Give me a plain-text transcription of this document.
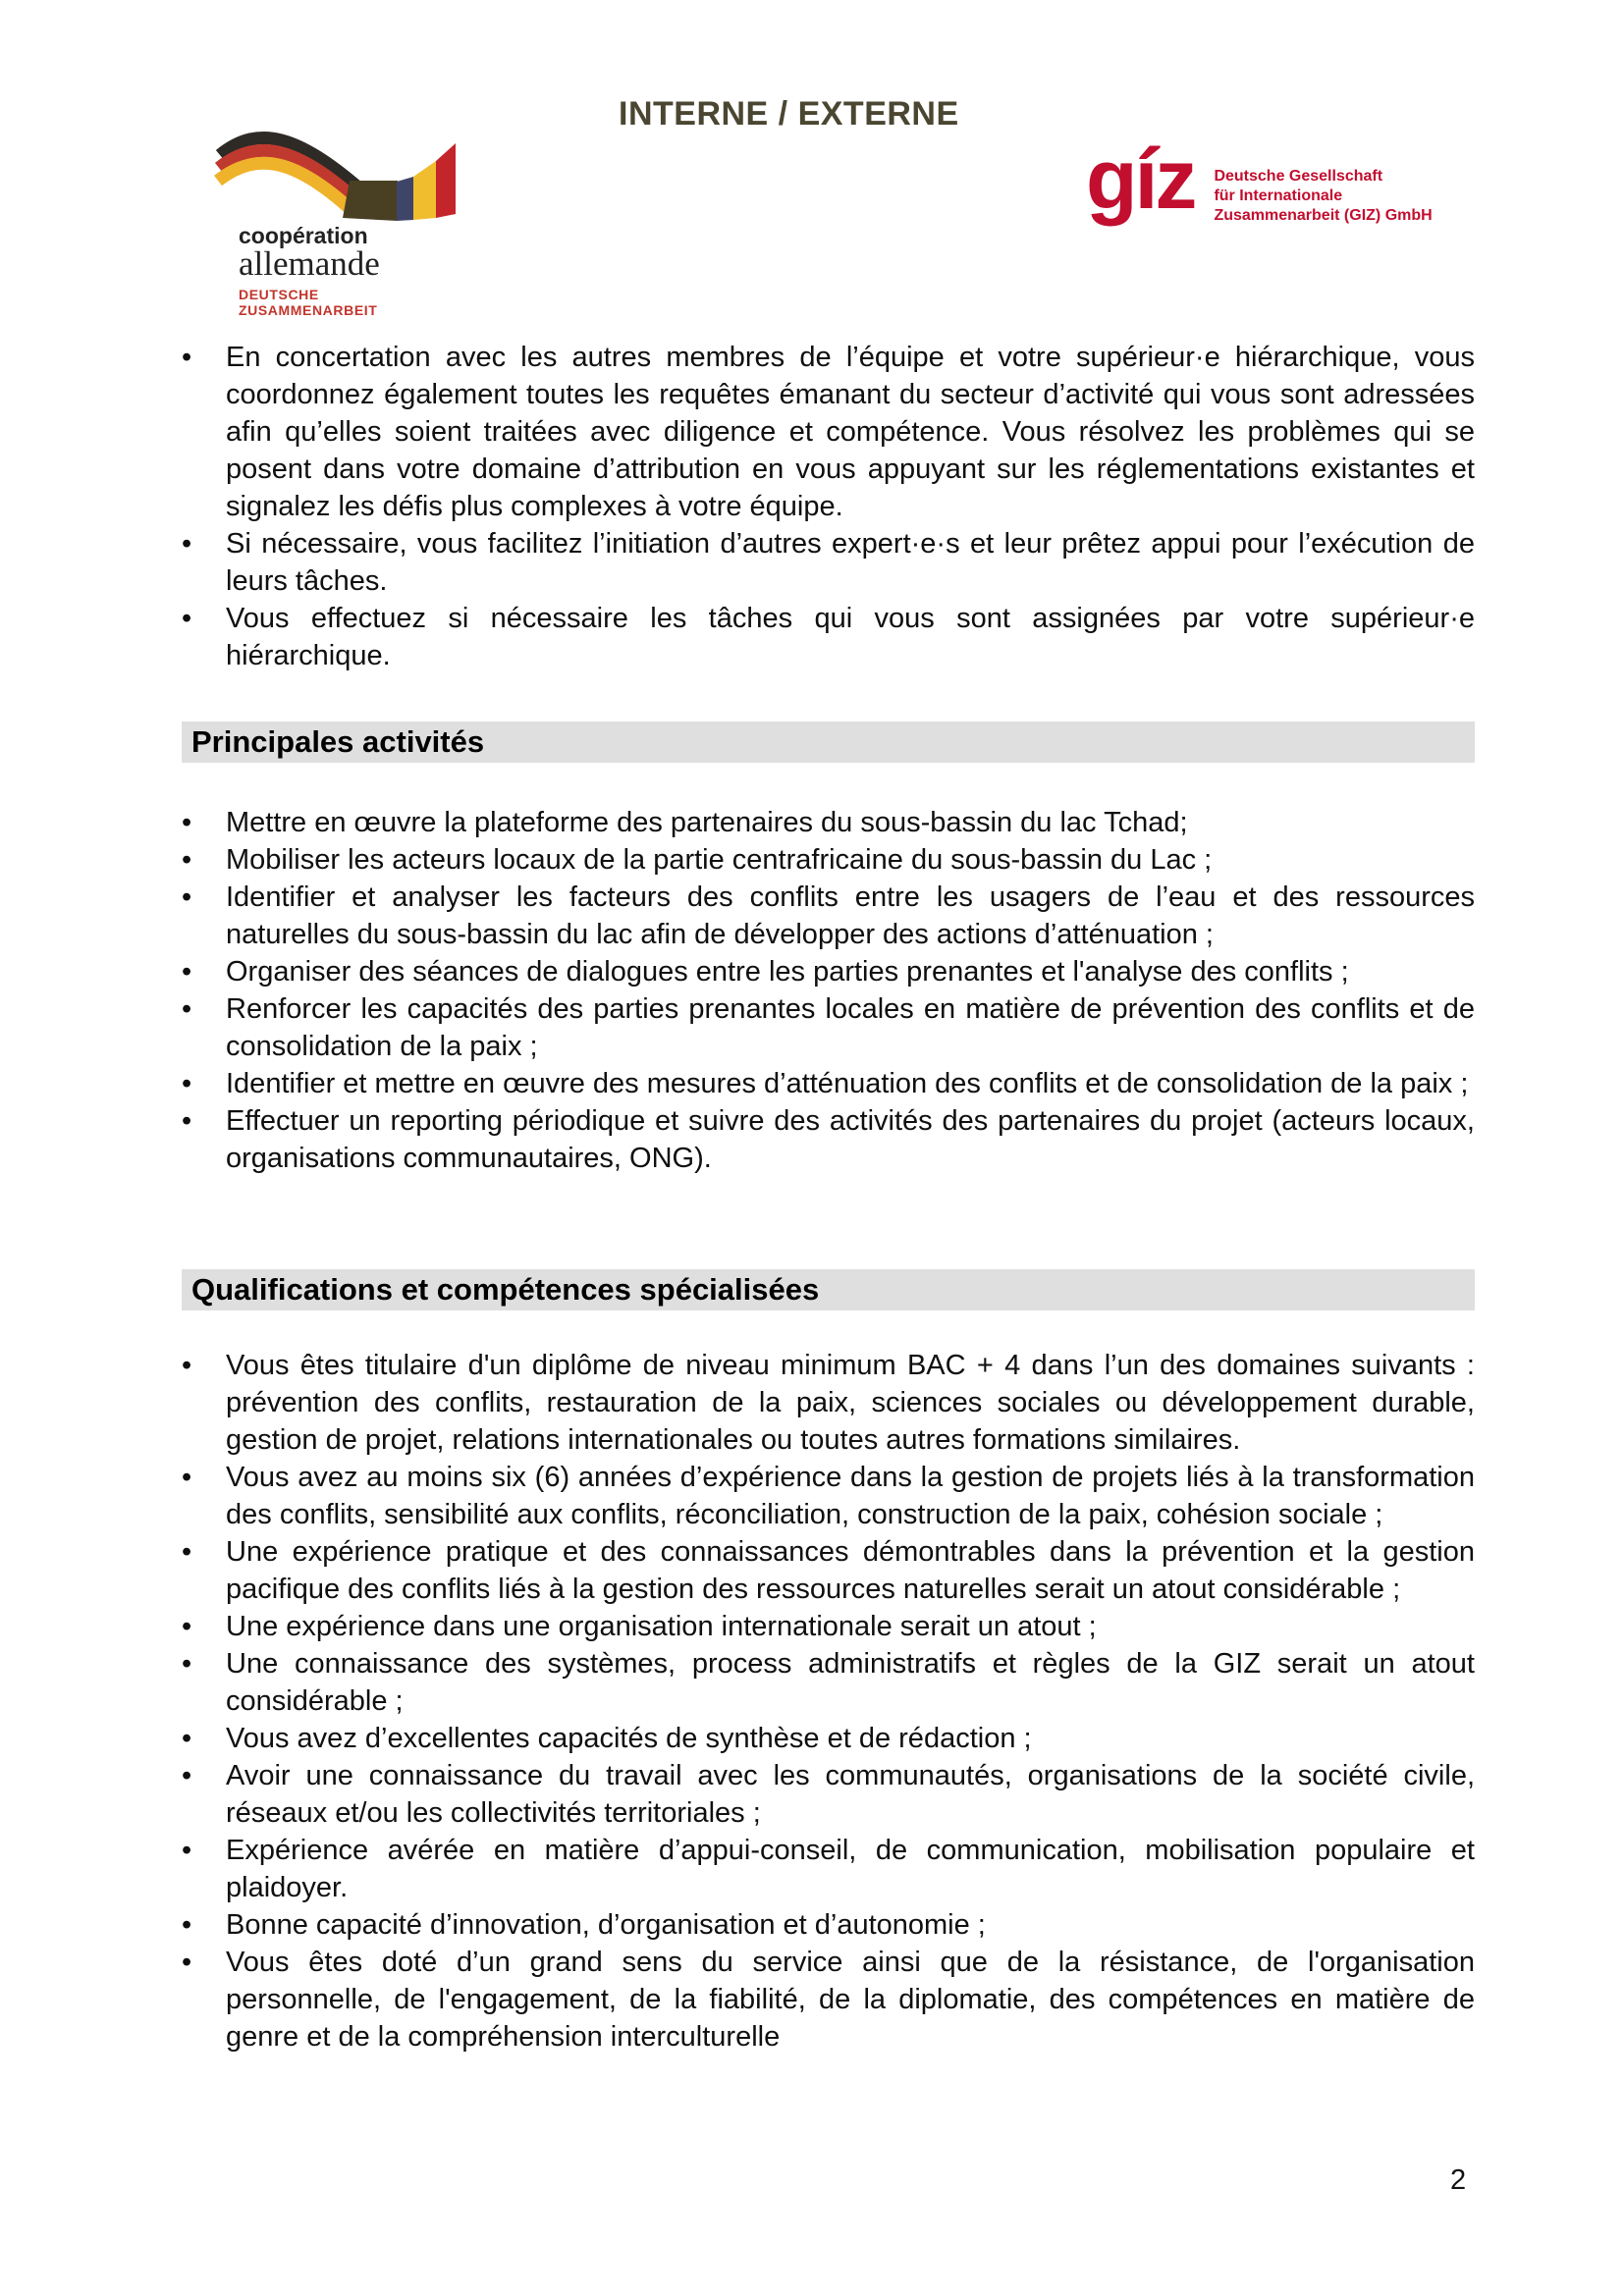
INTERNE / EXTERNE
coopération
allemande
DEUTSCHE ZUSAMMENARBEIT
gíz Deutsche Gesellschaft
für Internationale
Zusammenarbeit (GIZ) GmbH
•	En concertation avec les autres membres de l’équipe et votre supérieur·e hiérarchique, vous coordonnez également toutes les requêtes émanant du secteur d’activité qui vous sont adressées afin qu’elles soient traitées avec diligence et compétence. Vous résolvez les problèmes qui se posent dans votre domaine d’attribution en vous appuyant sur les réglementations existantes et signalez les défis plus complexes à votre équipe.
•	Si nécessaire, vous facilitez l’initiation d’autres expert·e·s et leur prêtez appui pour l’exécution de leurs tâches.
•	Vous effectuez si nécessaire les tâches qui vous sont assignées par votre supérieur·e hiérarchique.
Principales activités
•	Mettre en œuvre la plateforme des partenaires du sous-bassin du lac Tchad;
•	Mobiliser les acteurs locaux de la partie centrafricaine du sous-bassin du Lac ;
•	Identifier et analyser les facteurs des conflits entre les usagers de l’eau et des ressources naturelles du sous-bassin du lac afin de développer des actions d’atténuation ;
•	Organiser des séances de dialogues entre les parties prenantes et l'analyse des conflits ;
•	Renforcer les capacités des parties prenantes locales en matière de prévention des conflits et de consolidation de la paix ;
•	Identifier et mettre en œuvre des mesures d’atténuation des conflits et de consolidation de la paix ;
•	Effectuer un reporting périodique et suivre des activités des partenaires du projet (acteurs locaux, organisations communautaires, ONG).
Qualifications et compétences spécialisées
•	Vous êtes titulaire d'un diplôme de niveau minimum BAC + 4 dans l’un des domaines suivants : prévention des conflits, restauration de la paix, sciences sociales ou développement durable, gestion de projet, relations internationales ou toutes autres formations similaires.
•	Vous avez au moins six (6) années d’expérience dans la gestion de projets liés à la transformation des conflits, sensibilité aux conflits, réconciliation, construction de la paix, cohésion sociale ;
•	Une expérience pratique et des connaissances démontrables dans la prévention et la gestion pacifique des conflits liés à la gestion des ressources naturelles serait un atout considérable ;
•	Une expérience dans une organisation internationale serait un atout ;
•	Une connaissance des systèmes, process administratifs et règles de la GIZ serait un atout considérable ;
•	Vous avez d’excellentes capacités de synthèse et de rédaction ;
•	Avoir une connaissance du travail avec les communautés, organisations de la société civile, réseaux et/ou les collectivités territoriales ;
•	Expérience avérée en matière d’appui-conseil, de communication, mobilisation populaire et plaidoyer.
•	Bonne capacité d’innovation, d’organisation et d’autonomie ;
•	Vous êtes doté d’un grand sens du service ainsi que de la résistance, de l'organisation personnelle, de l'engagement, de la fiabilité, de la diplomatie, des compétences en matière de genre et de la compréhension interculturelle
2
